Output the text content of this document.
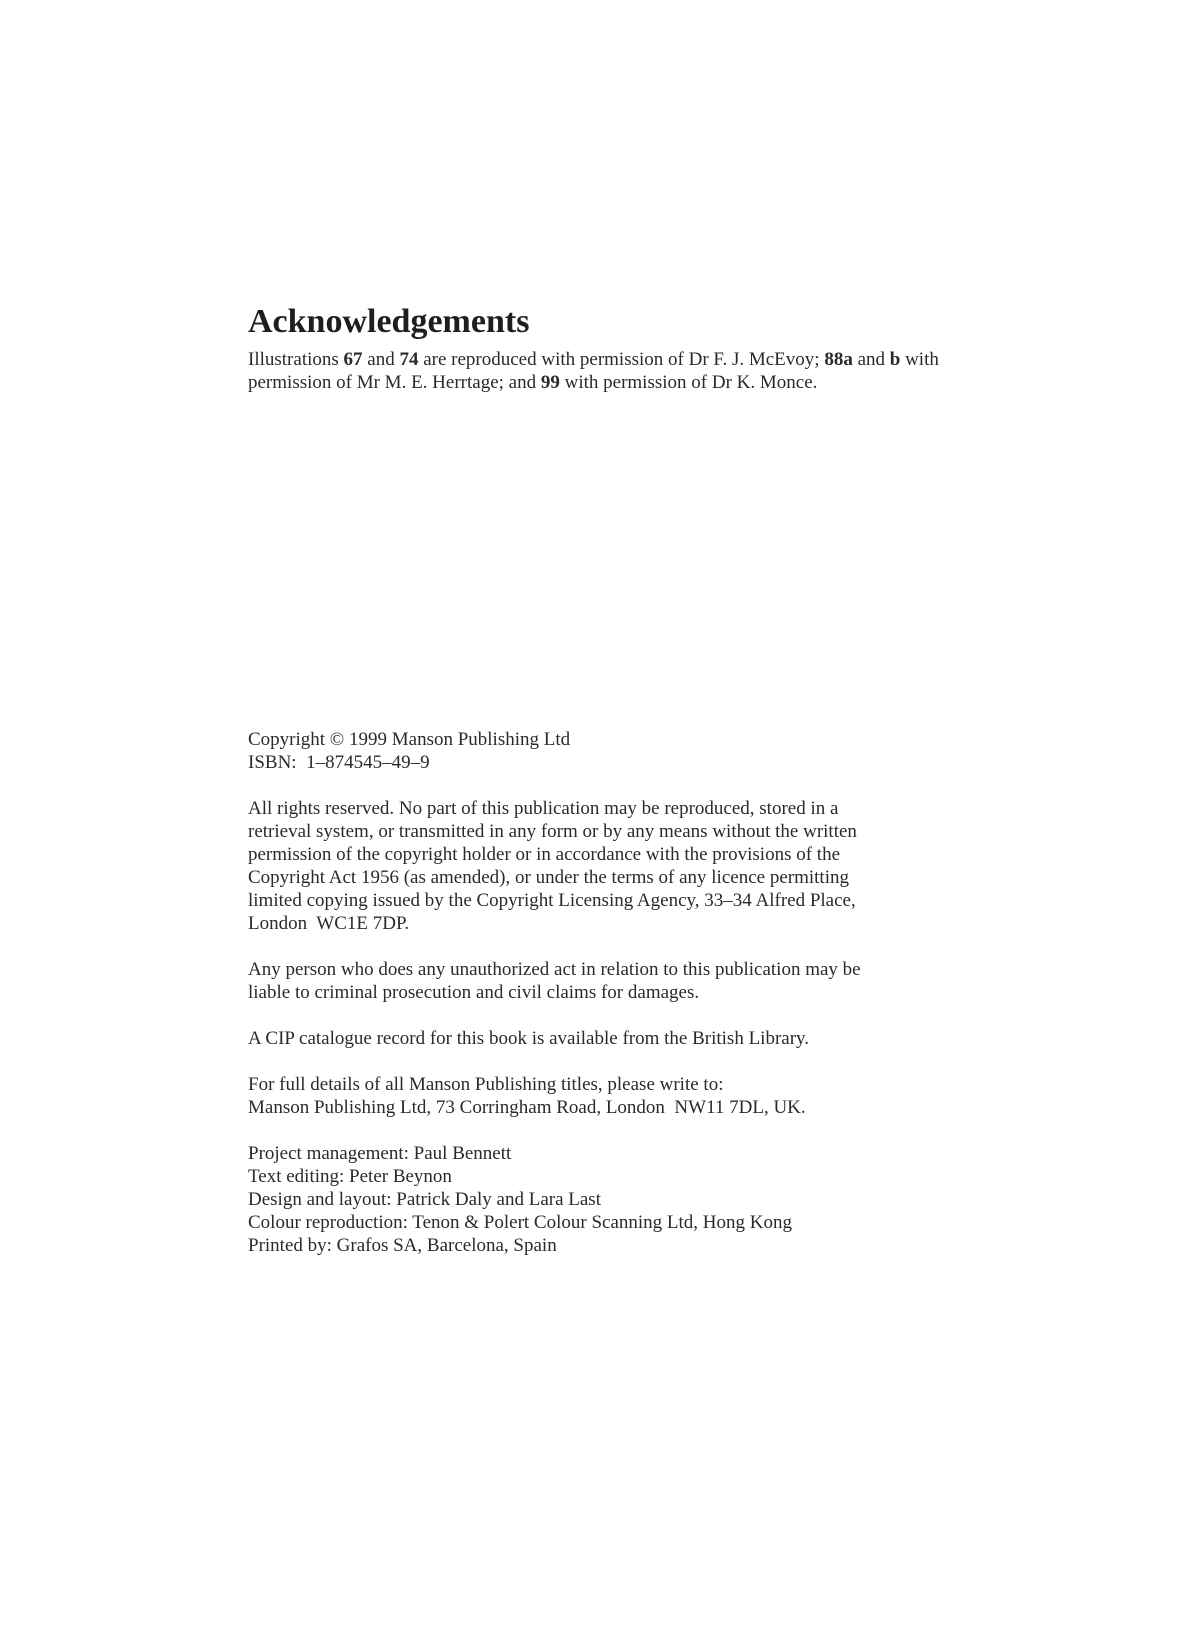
Acknowledgements

Illustrations 67 and 74 are reproduced with permission of Dr F. J. McEvoy; 88a and b with permission of Mr M. E. Herrtage; and 99 with permission of Dr K. Monce.

Copyright © 1999 Manson Publishing Ltd
ISBN:  1–874545–49–9
All rights reserved. No part of this publication may be reproduced, stored in a
retrieval system, or transmitted in any form or by any means without the written
permission of the copyright holder or in accordance with the provisions of the
Copyright Act 1956 (as amended), or under the terms of any licence permitting
limited copying issued by the Copyright Licensing Agency, 33–34 Alfred Place,
London  WC1E 7DP.
Any person who does any unauthorized act in relation to this publication may be
liable to criminal prosecution and civil claims for damages.
A CIP catalogue record for this book is available from the British Library.
For full details of all Manson Publishing titles, please write to:
Manson Publishing Ltd, 73 Corringham Road, London  NW11 7DL, UK.
Project management: Paul Bennett
Text editing: Peter Beynon
Design and layout: Patrick Daly and Lara Last
Colour reproduction: Tenon & Polert Colour Scanning Ltd, Hong Kong
Printed by: Grafos SA, Barcelona, Spain
